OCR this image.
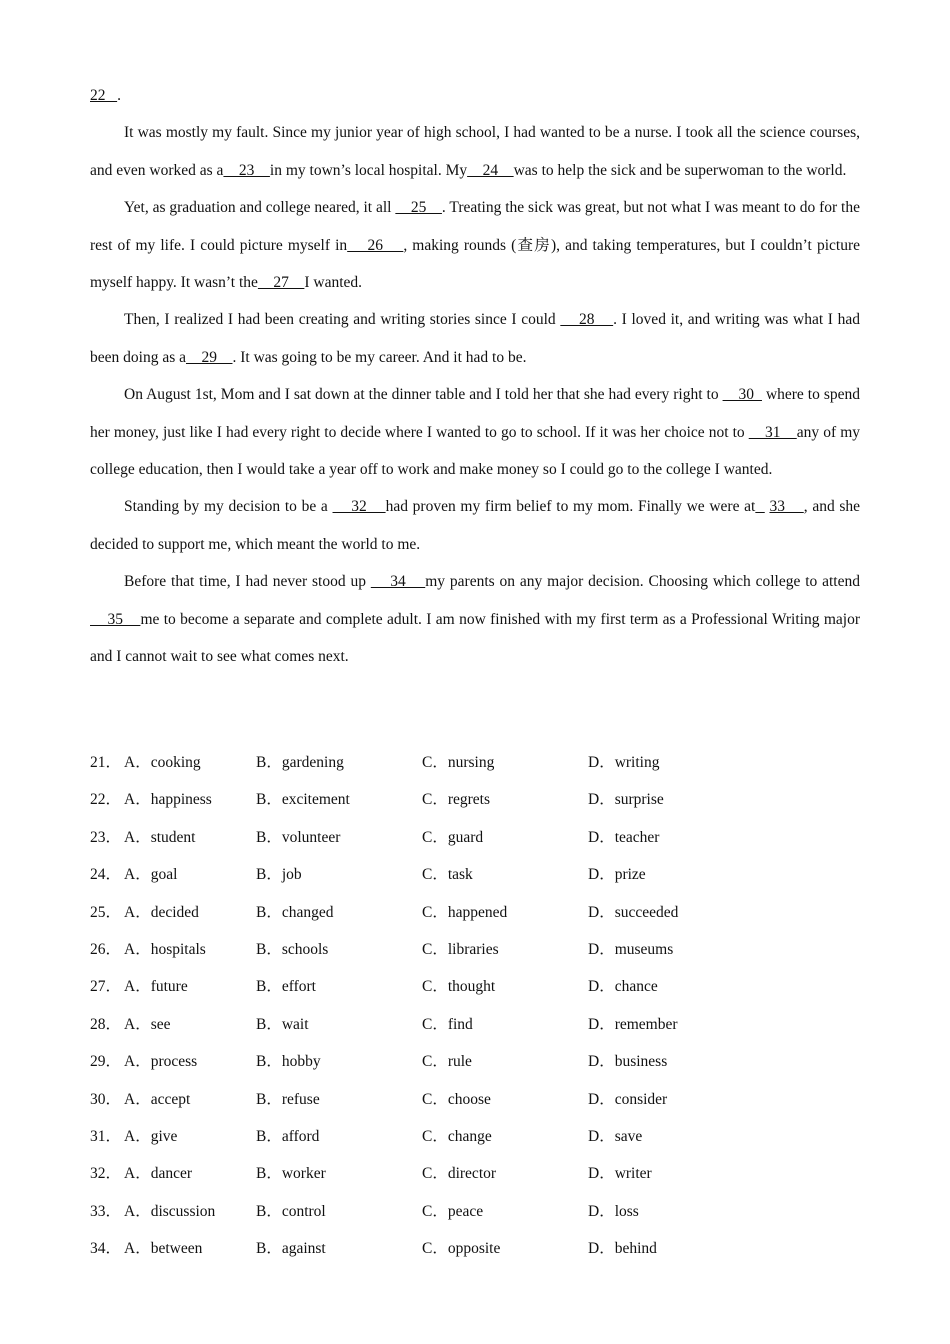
22 .

It was mostly my fault. Since my junior year of high school, I had wanted to be a nurse. I took all the science courses, and even worked as a    23    in my town’s local hospital. My    24    was to help the sick and be superwoman to the world.

Yet, as graduation and college neared, it all     25    . Treating the sick was great, but not what I was meant to do for the rest of my life. I could picture myself in    26    , making rounds (查房), and taking temperatures, but I couldn’t picture myself happy. It wasn’t the    27    I wanted.

Then, I realized I had been creating and writing stories since I could     28    . I loved it, and writing was what I had been doing as a    29    . It was going to be my career. And it had to be.

On August 1st, Mom and I sat down at the dinner table and I told her that she had every right to     30   where to spend her money, just like I had every right to decide where I wanted to go to school. If it was her choice not to     31    any of my college education, then I would take a year off to work and make money so I could go to the college I wanted.

Standing by my decision to be a     32    had proven my firm belief to my mom. Finally we were at 33    , and she decided to support me, which meant the world to me.

Before that time, I had never stood up     34    my parents on any major decision. Choosing which college to attend    35    me to become a separate and complete adult. I am now finished with my first term as a Professional Writing major and I cannot wait to see what comes next.

21． A．cooking	B．gardening	C．nursing	D．writing
22． A．happiness	B．excitement	C．regrets	D．surprise
23． A．student	B．volunteer	C．guard	D．teacher
24． A．goal	B．job	C．task	D．prize
25． A．decided	B．changed	C．happened	D．succeeded
26． A．hospitals	B．schools	C．libraries	D．museums
27． A．future	B．effort	C．thought	D．chance
28． A．see	B．wait	C．find	D．remember
29． A．process	B．hobby	C．rule	D．business
30． A．accept	B．refuse	C．choose	D．consider
31． A．give	B．afford	C．change	D．save
32． A．dancer	B．worker	C．director	D．writer
33． A．discussion	B．control	C．peace	D．loss
34． A．between	B．against	C．opposite	D．behind
